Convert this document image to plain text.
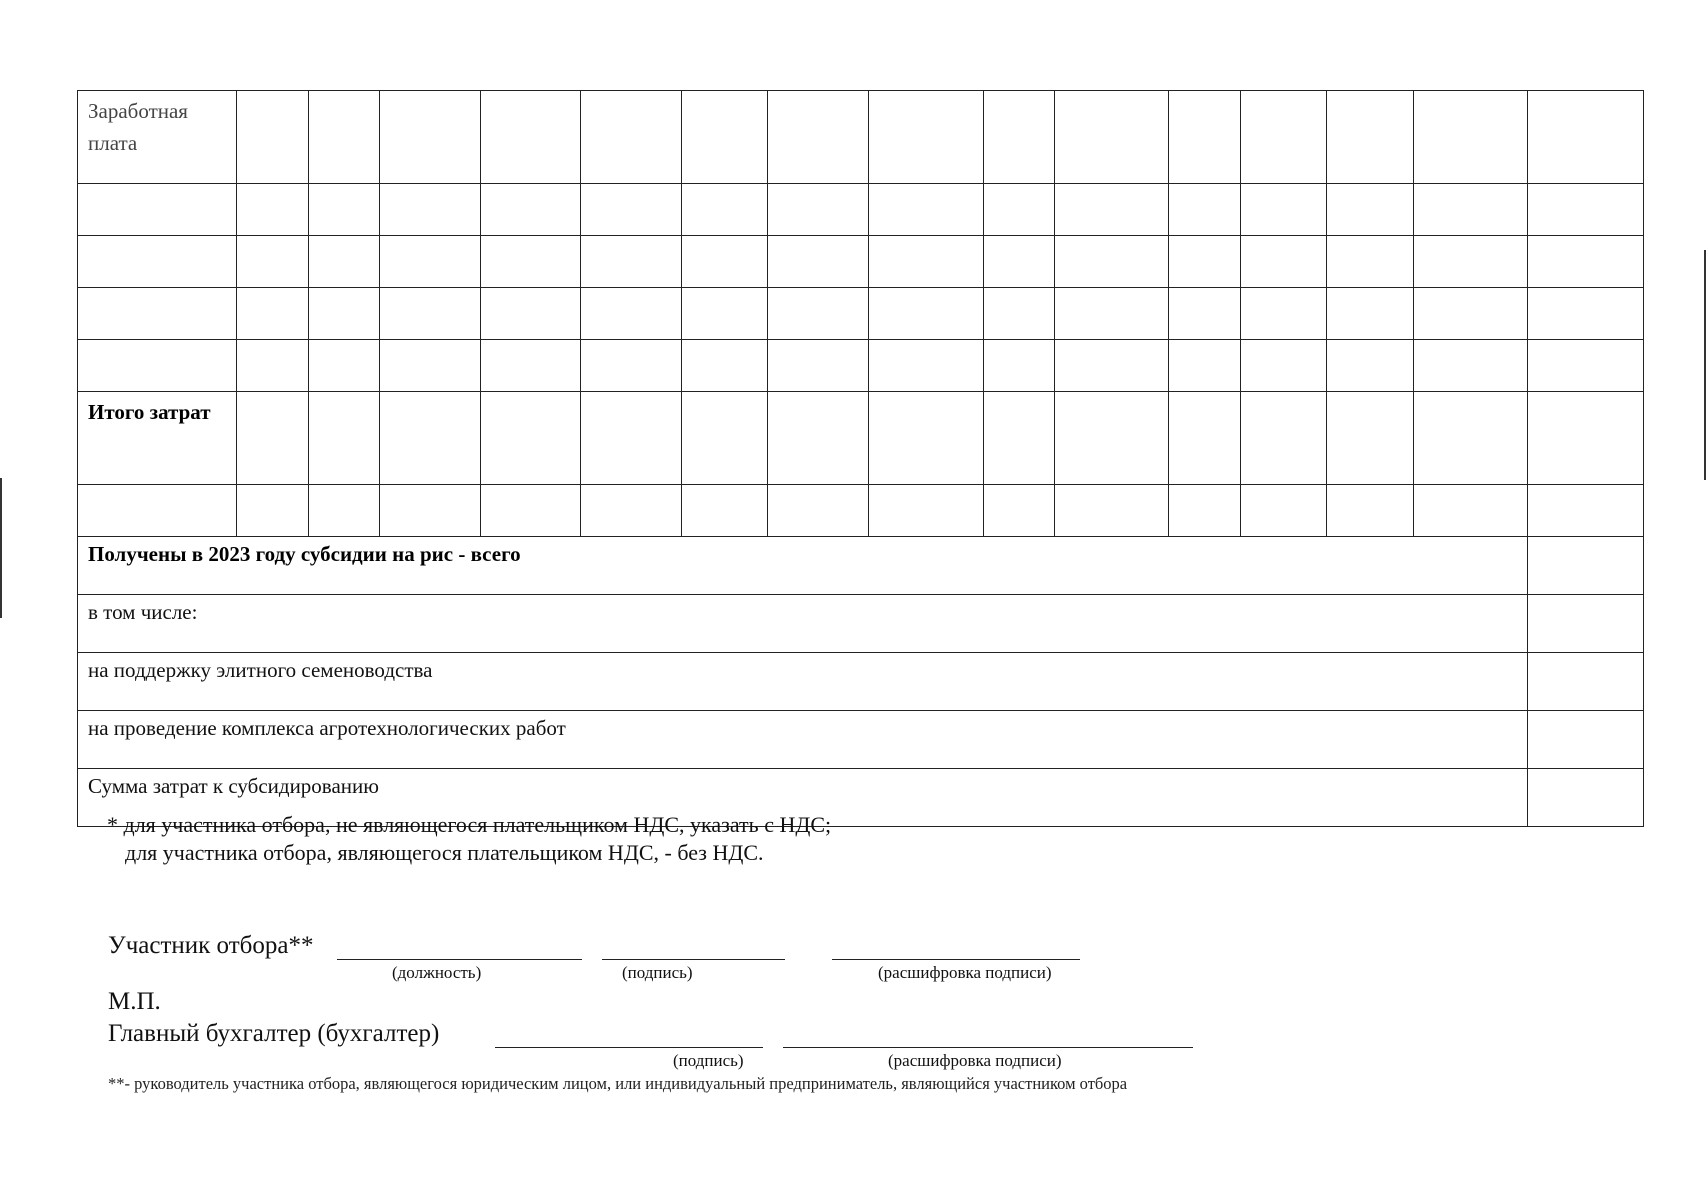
Заработная плата															

Итого затрат															

Получены в 2023 году субсидии на рис - всего															
в том числе:															
на поддержку элитного семеноводства															
на проведение комплекса агротехнологических работ															
Сумма затрат к субсидированию															
* для участника отбора, не являющегося плательщиком НДС, указать с НДС;
для участника отбора, являющегося плательщиком НДС, - без НДС.
Участник отбора**
(должность)	(подпись)	(расшифровка подписи)
М.П.
Главный бухгалтер (бухгалтер)
(подпись)	(расшифровка подписи)
**- руководитель участника отбора, являющегося юридическим лицом, или индивидуальный предприниматель, являющийся участником отбора
